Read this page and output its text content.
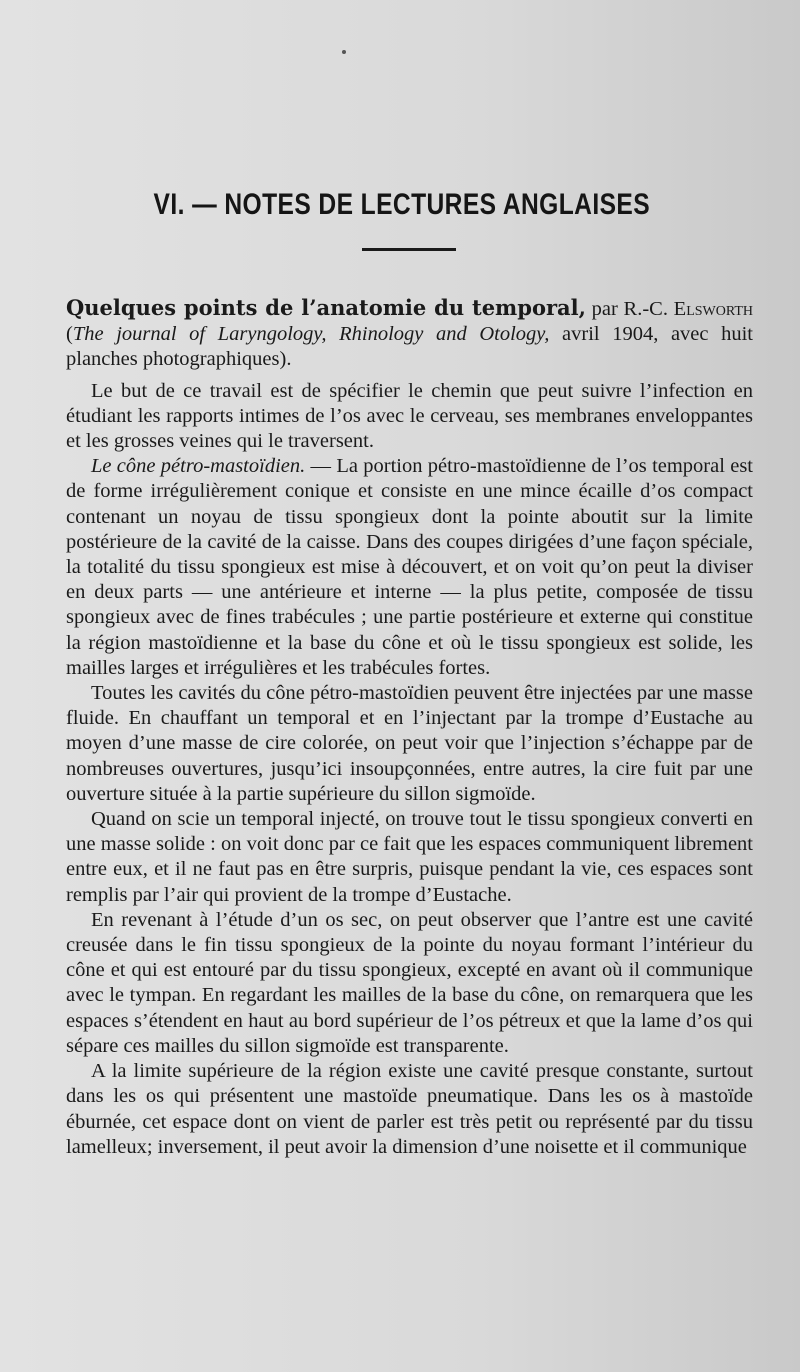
VI. — NOTES DE LECTURES ANGLAISES

Quelques points de l’anatomie du temporal, par R.-C. Elsworth (The journal of Laryngology, Rhinology and Otology, avril 1904, avec huit planches photographiques).

Le but de ce travail est de spécifier le chemin que peut suivre l’infection en étudiant les rapports intimes de l’os avec le cerveau, ses membranes enveloppantes et les grosses veines qui le traversent.

Le cône pétro-mastoïdien. — La portion pétro-mastoïdienne de l’os temporal est de forme irrégulièrement conique et consiste en une mince écaille d’os compact contenant un noyau de tissu spongieux dont la pointe aboutit sur la limite postérieure de la cavité de la caisse. Dans des coupes dirigées d’une façon spéciale, la totalité du tissu spongieux est mise à découvert, et on voit qu’on peut la diviser en deux parts — une antérieure et interne — la plus petite, composée de tissu spongieux avec de fines trabécules ; une partie postérieure et externe qui constitue la région mastoïdienne et la base du cône et où le tissu spongieux est solide, les mailles larges et irrégulières et les trabécules fortes.

Toutes les cavités du cône pétro-mastoïdien peuvent être injectées par une masse fluide. En chauffant un temporal et en l’injectant par la trompe d’Eustache au moyen d’une masse de cire colorée, on peut voir que l’injection s’échappe par de nombreuses ouvertures, jusqu’ici insoupçonnées, entre autres, la cire fuit par une ouverture située à la partie supérieure du sillon sigmoïde.

Quand on scie un temporal injecté, on trouve tout le tissu spongieux converti en une masse solide : on voit donc par ce fait que les espaces communiquent librement entre eux, et il ne faut pas en être surpris, puisque pendant la vie, ces espaces sont remplis par l’air qui provient de la trompe d’Eustache.

En revenant à l’étude d’un os sec, on peut observer que l’antre est une cavité creusée dans le fin tissu spongieux de la pointe du noyau formant l’intérieur du cône et qui est entouré par du tissu spongieux, excepté en avant où il communique avec le tympan. En regardant les mailles de la base du cône, on remarquera que les espaces s’étendent en haut au bord supérieur de l’os pétreux et que la lame d’os qui sépare ces mailles du sillon sigmoïde est transparente.

A la limite supérieure de la région existe une cavité presque constante, surtout dans les os qui présentent une mastoïde pneumatique. Dans les os à mastoïde éburnée, cet espace dont on vient de parler est très petit ou représenté par du tissu lamelleux; inversement, il peut avoir la dimension d’une noisette et il communique
